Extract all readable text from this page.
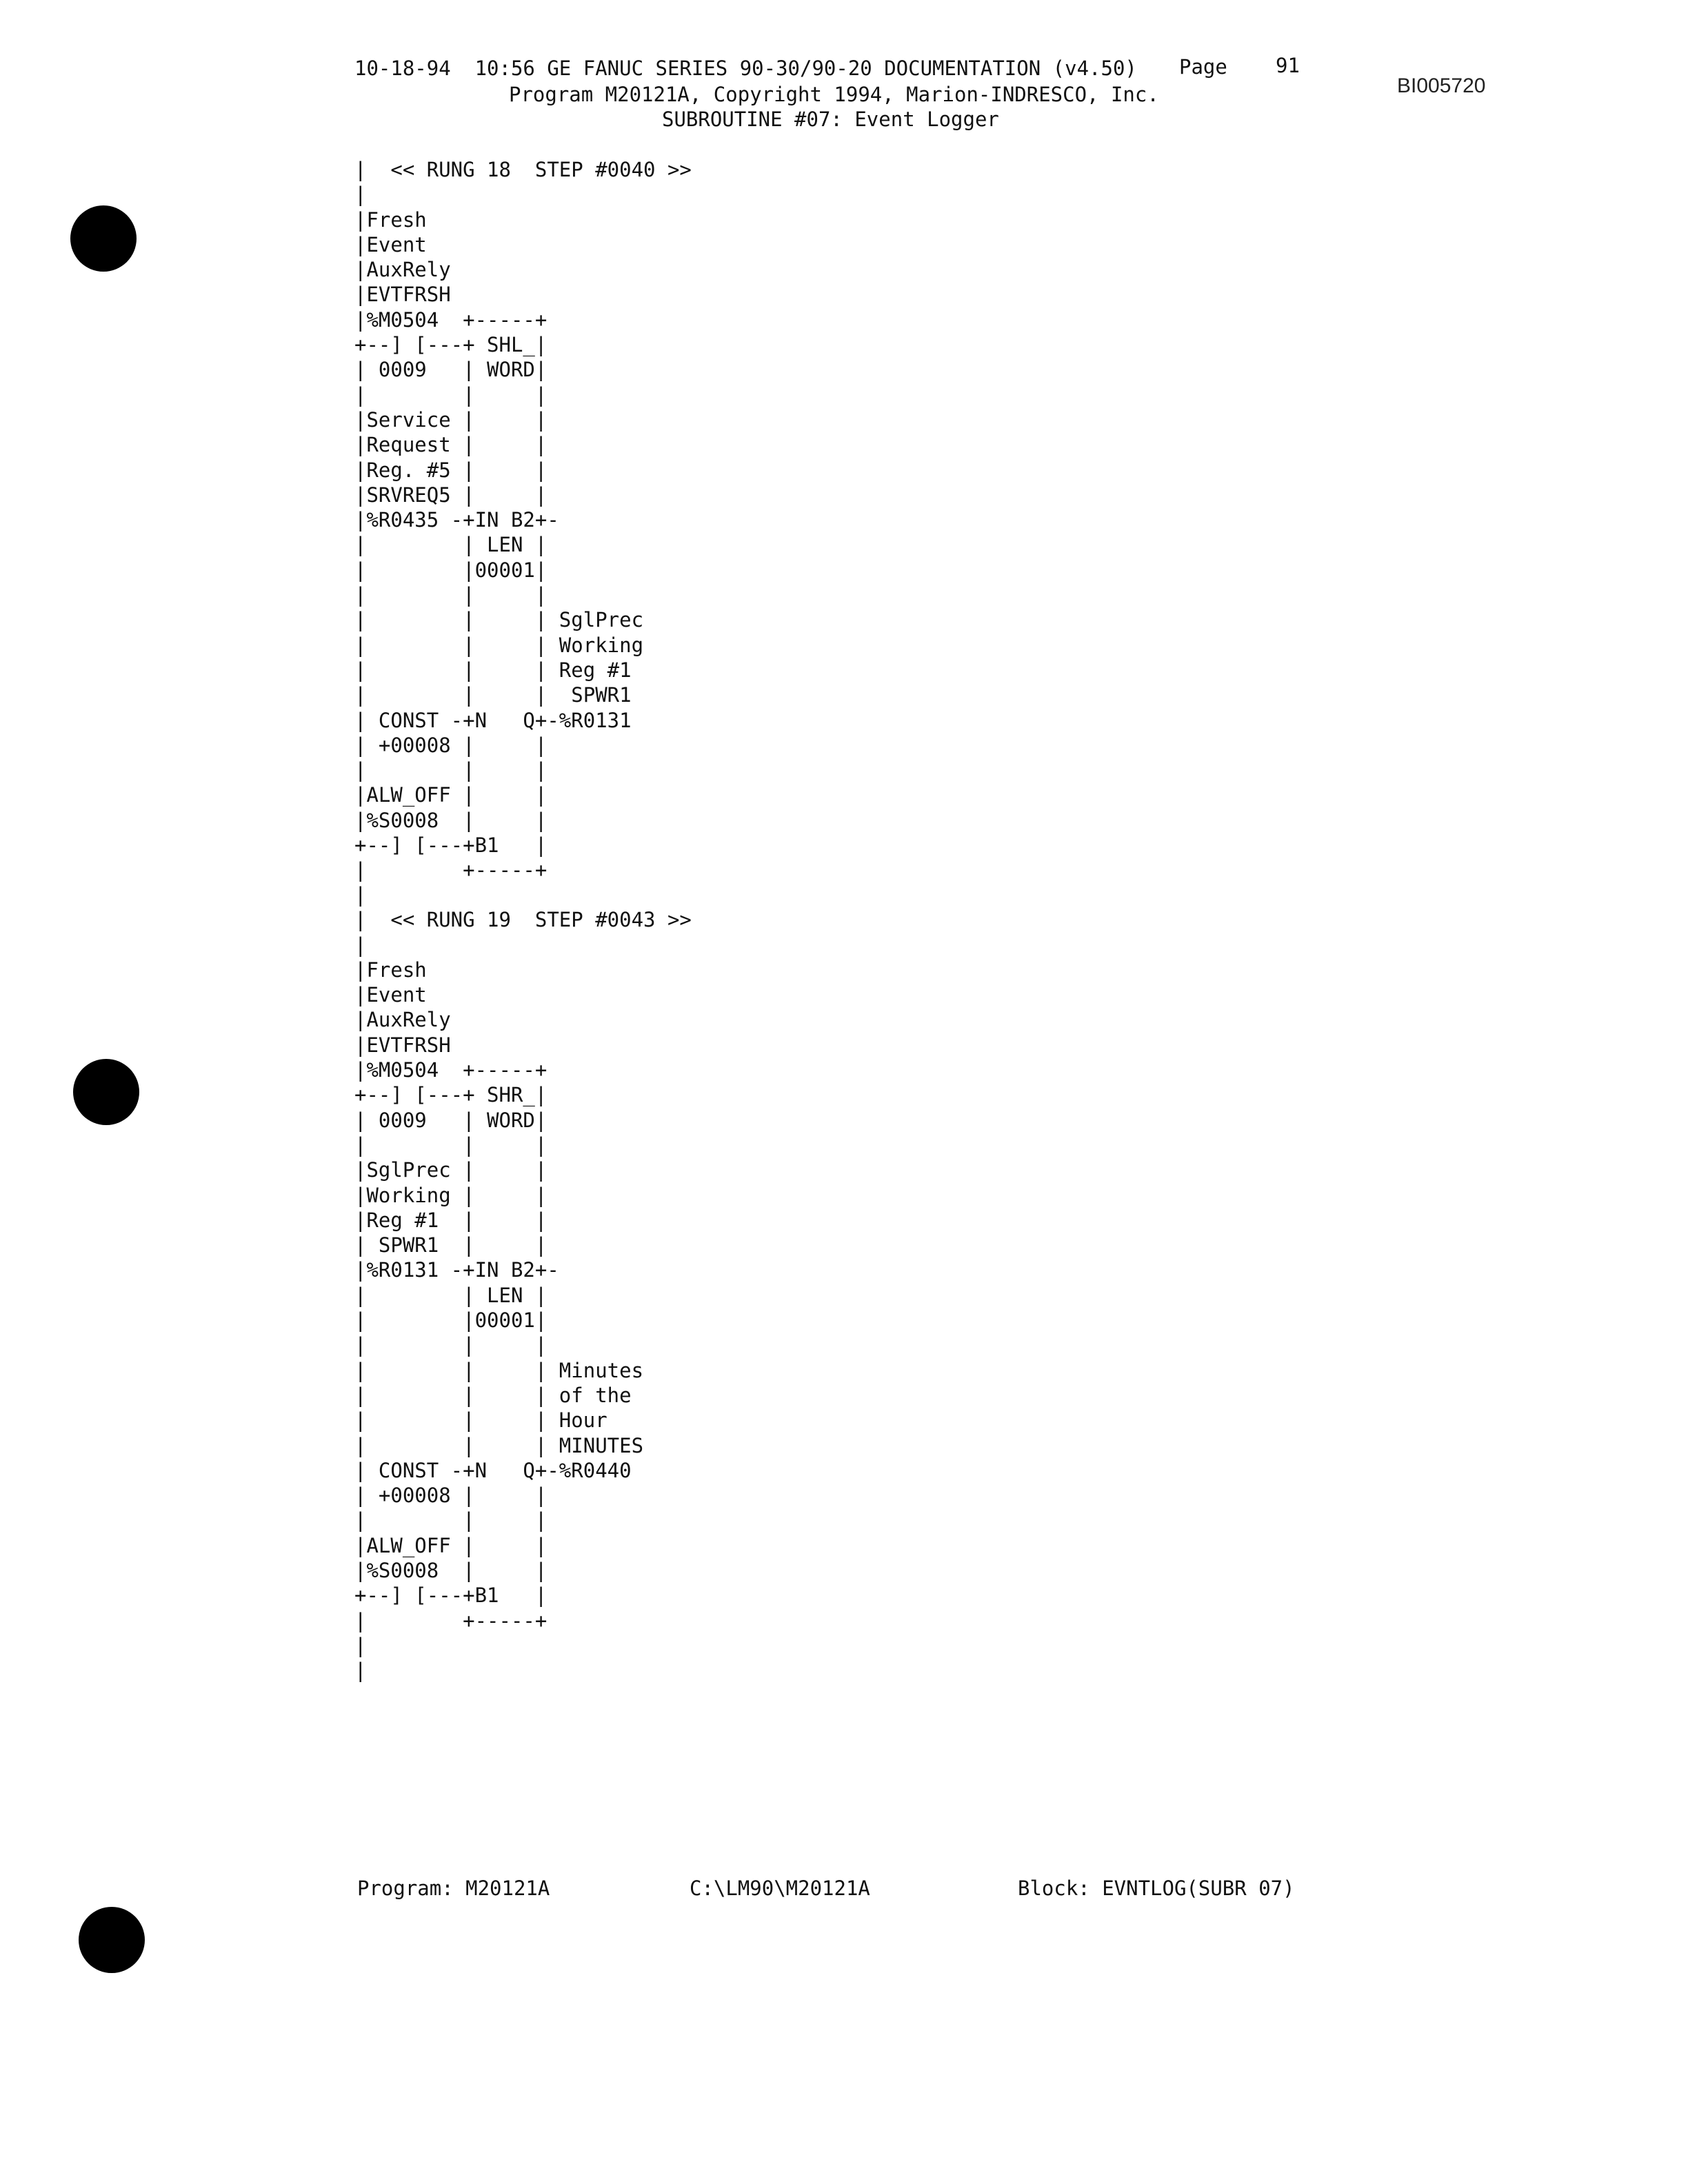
10-18-94  10:56 GE FANUC SERIES 90-30/90-20 DOCUMENTATION (v4.50) Page 91
Program M20121A, Copyright 1994, Marion-INDRESCO, Inc.
SUBROUTINE #07: Event Logger
BI005720
|  << RUNG 18  STEP #0040 >>
|
|Fresh
|Event
|AuxRely
|EVTFRSH
|%M0504  +-----+
+--] [---+ SHL_|
| 0009   | WORD|
|        |     |
|Service |     |
|Request |     |
|Reg. #5 |     |
|SRVREQ5 |     |
|%R0435 -+IN B2+-
|        | LEN |
|        |00001|
|        |     |
|        |     | SglPrec
|        |     | Working
|        |     | Reg #1
|        |     |  SPWR1
| CONST -+N   Q+-%R0131
| +00008 |     |
|        |     |
|ALW_OFF |     |
|%S0008  |     |
+--] [---+B1   |
|        +-----+
|
|  << RUNG 19  STEP #0043 >>
|
|Fresh
|Event
|AuxRely
|EVTFRSH
|%M0504  +-----+
+--] [---+ SHR_|
| 0009   | WORD|
|        |     |
|SglPrec |     |
|Working |     |
|Reg #1  |     |
| SPWR1  |     |
|%R0131 -+IN B2+-
|        | LEN |
|        |00001|
|        |     |
|        |     | Minutes
|        |     | of the
|        |     | Hour
|        |     | MINUTES
| CONST -+N   Q+-%R0440
| +00008 |     |
|        |     |
|ALW_OFF |     |
|%S0008  |     |
+--] [---+B1   |
|        +-----+
|
|
Program: M20121A	C:\LM90\M20121A	Block: EVNTLOG(SUBR 07)
